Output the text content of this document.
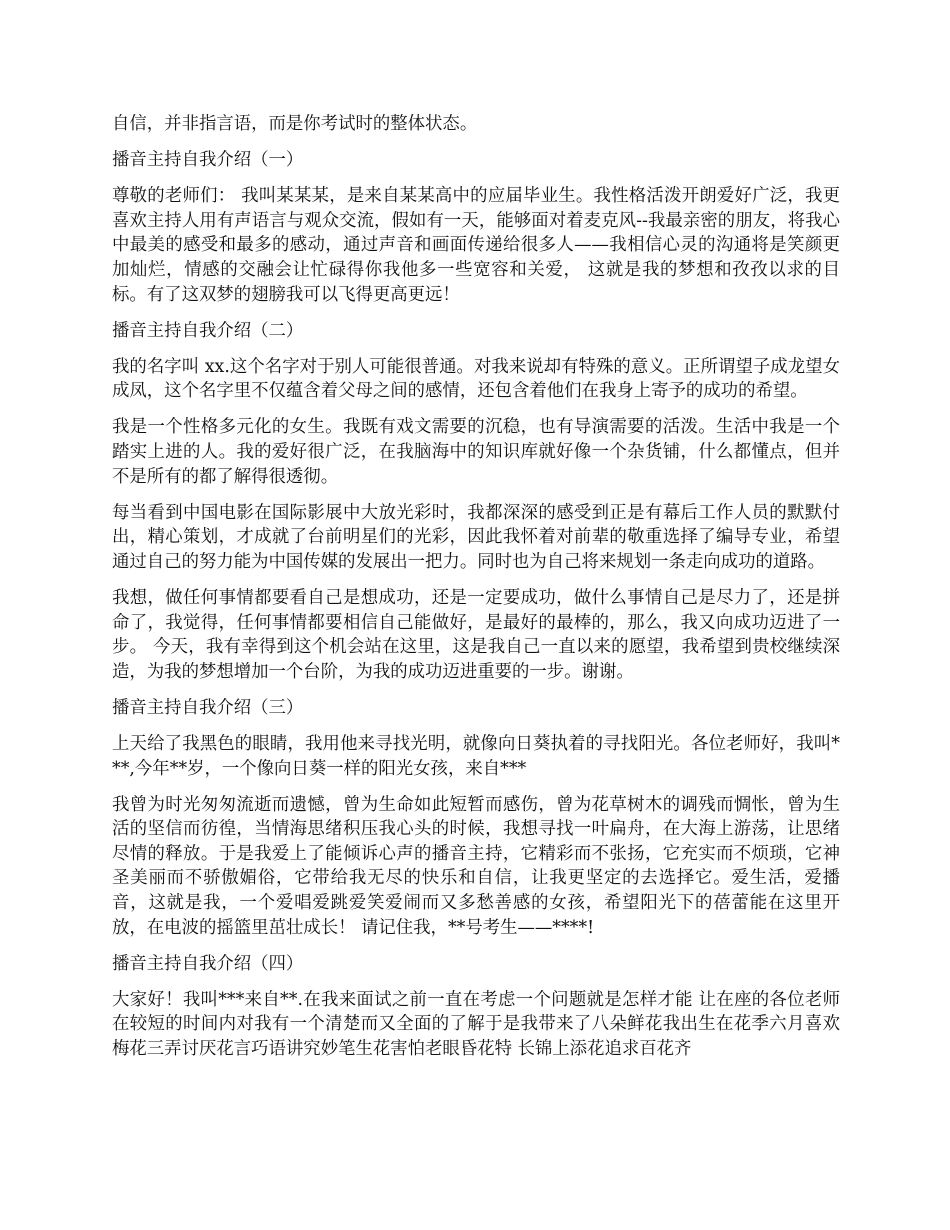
自信，并非指言语，而是你考试时的整体状态。

播音主持自我介绍（一）

尊敬的老师们： 我叫某某某，是来自某某高中的应届毕业生。我性格活泼开朗爱好广泛，我更喜欢主持人用有声语言与观众交流，假如有一天，能够面对着麦克风--我最亲密的朋友，将我心中最美的感受和最多的感动，通过声音和画面传递给很多人——我相信心灵的沟通将是笑颜更加灿烂，情感的交融会让忙碌得你我他多一些宽容和关爱， 这就是我的梦想和孜孜以求的目标。有了这双梦的翅膀我可以飞得更高更远！

播音主持自我介绍（二）

我的名字叫 xx.这个名字对于别人可能很普通。对我来说却有特殊的意义。正所谓望子成龙望女成凤，这个名字里不仅蕴含着父母之间的感情，还包含着他们在我身上寄予的成功的希望。

我是一个性格多元化的女生。我既有戏文需要的沉稳，也有导演需要的活泼。生活中我是一个踏实上进的人。我的爱好很广泛，在我脑海中的知识库就好像一个杂货铺，什么都懂点，但并不是所有的都了解得很透彻。

每当看到中国电影在国际影展中大放光彩时，我都深深的感受到正是有幕后工作人员的默默付出，精心策划，才成就了台前明星们的光彩，因此我怀着对前辈的敬重选择了编导专业，希望通过自己的努力能为中国传媒的发展出一把力。同时也为自己将来规划一条走向成功的道路。

我想，做任何事情都要看自己是想成功，还是一定要成功，做什么事情自己是尽力了，还是拼命了，我觉得，任何事情都要相信自己能做好，是最好的最棒的，那么，我又向成功迈进了一步。 今天，我有幸得到这个机会站在这里，这是我自己一直以来的愿望，我希望到贵校继续深造，为我的梦想增加一个台阶，为我的成功迈进重要的一步。谢谢。

播音主持自我介绍（三）

上天给了我黑色的眼睛，我用他来寻找光明，就像向日葵执着的寻找阳光。各位老师好，我叫***,今年**岁，一个像向日葵一样的阳光女孩，来自***

我曾为时光匆匆流逝而遗憾，曾为生命如此短暂而感伤，曾为花草树木的调残而惆怅，曾为生活的坚信而彷徨，当情海思绪积压我心头的时候，我想寻找一叶扁舟，在大海上游荡，让思绪尽情的释放。于是我爱上了能倾诉心声的播音主持，它精彩而不张扬，它充实而不烦琐，它神圣美丽而不骄傲媚俗，它带给我无尽的快乐和自信，让我更坚定的去选择它。爱生活，爱播音，这就是我，一个爱唱爱跳爱笑爱闹而又多愁善感的女孩，希望阳光下的蓓蕾能在这里开放，在电波的摇篮里茁壮成长！ 请记住我，**号考生——****!

播音主持自我介绍（四）

大家好！我叫***来自**.在我来面试之前一直在考虑一个问题就是怎样才能 让在座的各位老师在较短的时间内对我有一个清楚而又全面的了解于是我带来了八朵鲜花我出生在花季六月喜欢梅花三弄讨厌花言巧语讲究妙笔生花害怕老眼昏花特 长锦上添花追求百花齐
